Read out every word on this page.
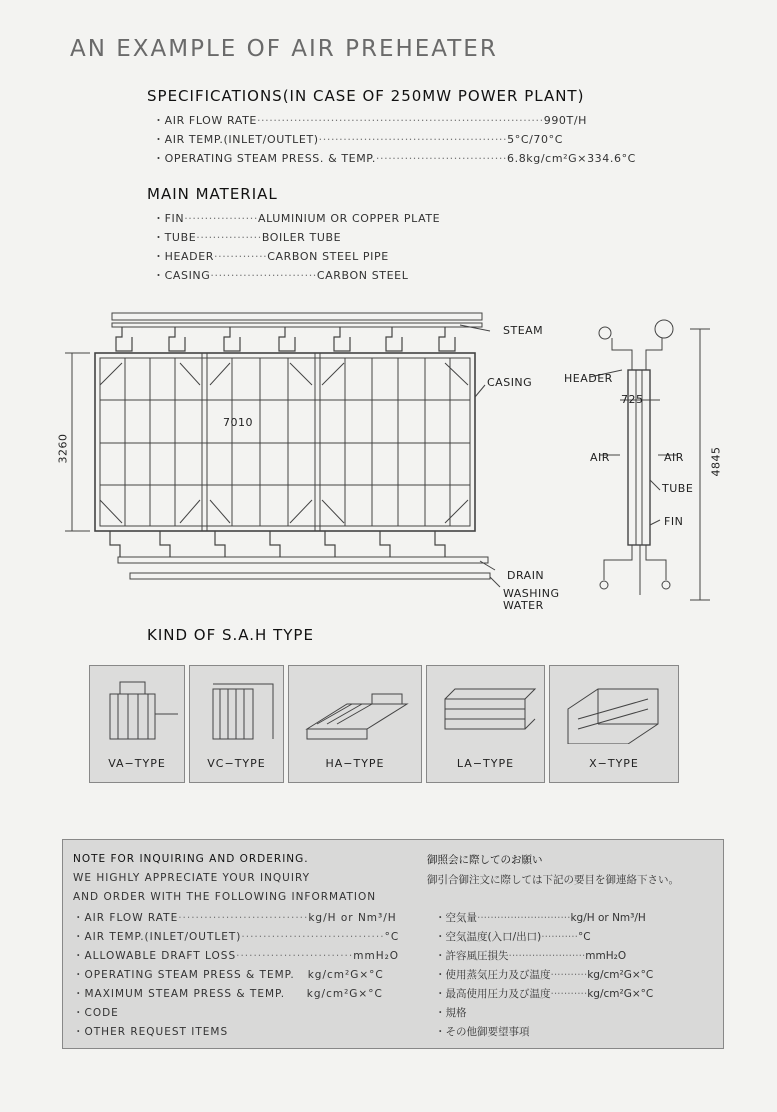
AN EXAMPLE OF AIR PREHEATER
SPECIFICATIONS(IN CASE OF 250MW POWER PLANT)
・AIR FLOW RATE······································································990T/H
・AIR TEMP.(INLET/OUTLET)··············································5°C/70°C
・OPERATING STEAM PRESS. & TEMP.································6.8kg/cm²G×334.6°C
MAIN MATERIAL
・FIN··················ALUMINIUM OR COPPER PLATE
・TUBE················BOILER TUBE
・HEADER·············CARBON STEEL PIPE
・CASING··························CARBON STEEL
STEAM
CASING	HEADER
3260
7010
725
4845
AIR	AIR
TUBE
FIN
DRAIN
WASHING
WATER
KIND OF S.A.H TYPE
VA−TYPE	VC−TYPE	HA−TYPE	LA−TYPE	X−TYPE
NOTE FOR INQUIRING AND ORDERING.
WE HIGHLY APPRECIATE YOUR INQUIRY
AND ORDER WITH THE FOLLOWING INFORMATION
・AIR FLOW RATE······························kg/H or Nm³/H
・AIR TEMP.(INLET/OUTLET)·································°C
・ALLOWABLE DRAFT LOSS···························mmH₂O
・OPERATING STEAM PRESS & TEMP. kg/cm²G×°C
・MAXIMUM STEAM PRESS & TEMP. kg/cm²G×°C
・CODE
・OTHER REQUEST ITEMS
御照会に際してのお願い
御引合御注文に際しては下記の要目を御連絡下さい。
・空気量····························kg/H or Nm³/H
・空気温度(入口/出口)···········°C
・許容風圧損失·······················mmH₂O
・使用蒸気圧力及び温度···········kg/cm²G×°C
・最高使用圧力及び温度···········kg/cm²G×°C
・規格
・その他御要望事項
